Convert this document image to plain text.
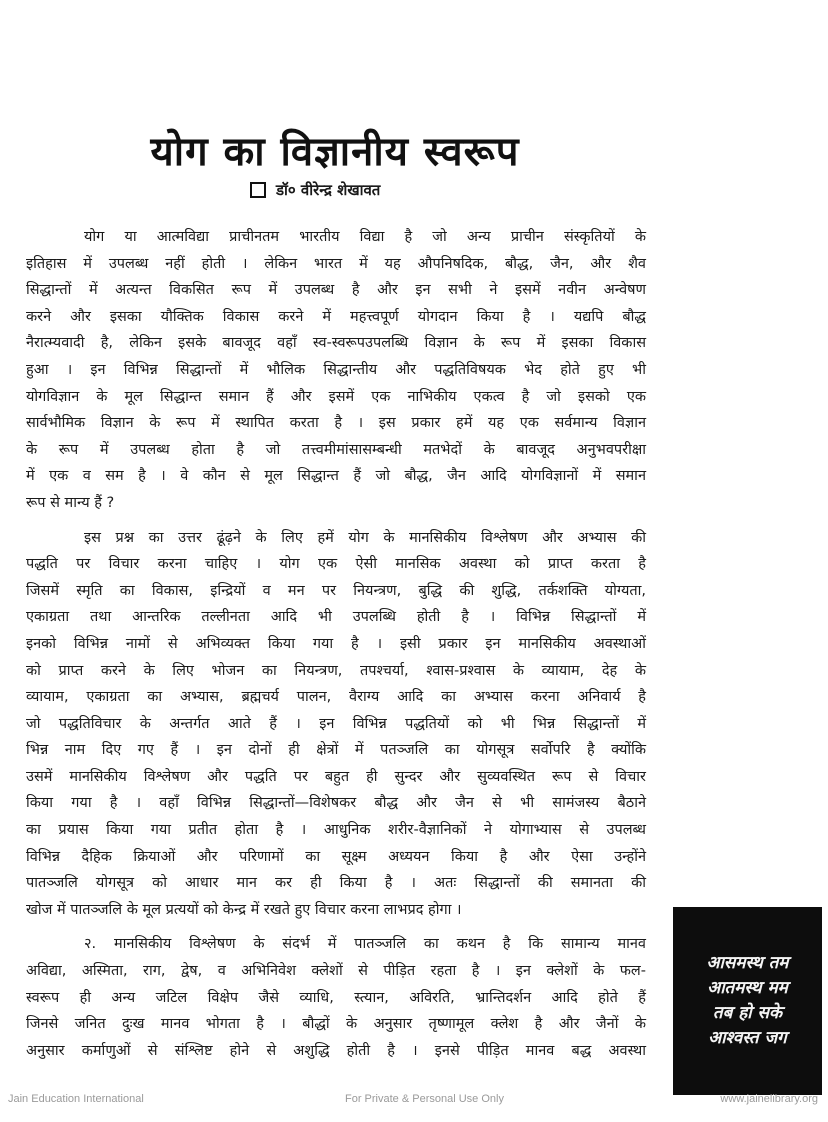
योग का विज्ञानीय स्वरूप
डॉ० वीरेन्द्र शेखावत

योग या आत्मविद्या प्राचीनतम भारतीय विद्या है जो अन्य प्राचीन संस्कृतियों के
इतिहास में उपलब्ध नहीं होती । लेकिन भारत में यह औपनिषदिक, बौद्ध, जैन, और शैव
सिद्धान्तों में अत्यन्त विकसित रूप में उपलब्ध है और इन सभी ने इसमें नवीन अन्वेषण
करने और इसका यौक्तिक विकास करने में महत्त्वपूर्ण योगदान किया है । यद्यपि बौद्ध
नैरात्म्यवादी है, लेकिन इसके बावजूद वहाँ स्व-स्वरूपउपलब्धि विज्ञान के रूप में इसका विकास
हुआ । इन विभिन्न सिद्धान्तों में भौलिक सिद्धान्तीय और पद्धतिविषयक भेद होते हुए भी
योगविज्ञान के मूल सिद्धान्त समान हैं और इसमें एक नाभिकीय एकत्व है जो इसको एक
सार्वभौमिक विज्ञान के रूप में स्थापित करता है । इस प्रकार हमें यह एक सर्वमान्य विज्ञान
के रूप में उपलब्ध होता है जो तत्त्वमीमांसासम्बन्धी मतभेदों के बावजूद अनुभवपरीक्षा
में एक व सम है । वे कौन से मूल सिद्धान्त हैं जो बौद्ध, जैन आदि योगविज्ञानों में समान
रूप से मान्य हैं ?

इस प्रश्न का उत्तर ढूंढ़ने के लिए हमें योग के मानसिकीय विश्लेषण और अभ्यास की
पद्धति पर विचार करना चाहिए । योग एक ऐसी मानसिक अवस्था को प्राप्त करता है
जिसमें स्मृति का विकास, इन्द्रियों व मन पर नियन्त्रण, बुद्धि की शुद्धि, तर्कशक्ति योग्यता,
एकाग्रता तथा आन्तरिक तल्लीनता आदि भी उपलब्धि होती है । विभिन्न सिद्धान्तों में
इनको विभिन्न नामों से अभिव्यक्त किया गया है । इसी प्रकार इन मानसिकीय अवस्थाओं
को प्राप्त करने के लिए भोजन का नियन्त्रण, तपश्चर्या, श्वास-प्रश्वास के व्यायाम, देह के
व्यायाम, एकाग्रता का अभ्यास, ब्रह्मचर्य पालन, वैराग्य आदि का अभ्यास करना अनिवार्य है
जो पद्धतिविचार के अन्तर्गत आते हैं । इन विभिन्न पद्धतियों को भी भिन्न सिद्धान्तों में
भिन्न नाम दिए गए हैं । इन दोनों ही क्षेत्रों में पतञ्जलि का योगसूत्र सर्वोपरि है क्योंकि
उसमें मानसिकीय विश्लेषण और पद्धति पर बहुत ही सुन्दर और सुव्यवस्थित रूप से विचार
किया गया है । वहाँ विभिन्न सिद्धान्तों—विशेषकर बौद्ध और जैन से भी सामंजस्य बैठाने
का प्रयास किया गया प्रतीत होता है । आधुनिक शरीर-वैज्ञानिकों ने योगाभ्यास से उपलब्ध
विभिन्न दैहिक क्रियाओं और परिणामों का सूक्ष्म अध्ययन किया है और ऐसा उन्होंने
पातञ्जलि योगसूत्र को आधार मान कर ही किया है । अतः सिद्धान्तों की समानता की
खोज में पातञ्जलि के मूल प्रत्ययों को केन्द्र में रखते हुए विचार करना लाभप्रद होगा ।

२. मानसिकीय विश्लेषण के संदर्भ में पातञ्जलि का कथन है कि सामान्य मानव
अविद्या, अस्मिता, राग, द्वेष, व अभिनिवेश क्लेशों से पीड़ित रहता है । इन क्लेशों के फल-
स्वरूप ही अन्य जटिल विक्षेप जैसे व्याधि, स्त्यान, अविरति, भ्रान्तिदर्शन आदि होते हैं
जिनसे जनित दुःख मानव भोगता है । बौद्धों के अनुसार तृष्णामूल क्लेश है और जैनों के
अनुसार कर्माणुओं से संश्लिष्ट होने से अशुद्धि होती है । इनसे पीड़ित मानव बद्ध अवस्था

आसमस्थ तम
आतमस्थ मम
तब हो सके
आश्वस्त जग
Jain Education International	For Private & Personal Use Only	www.jainelibrary.org
